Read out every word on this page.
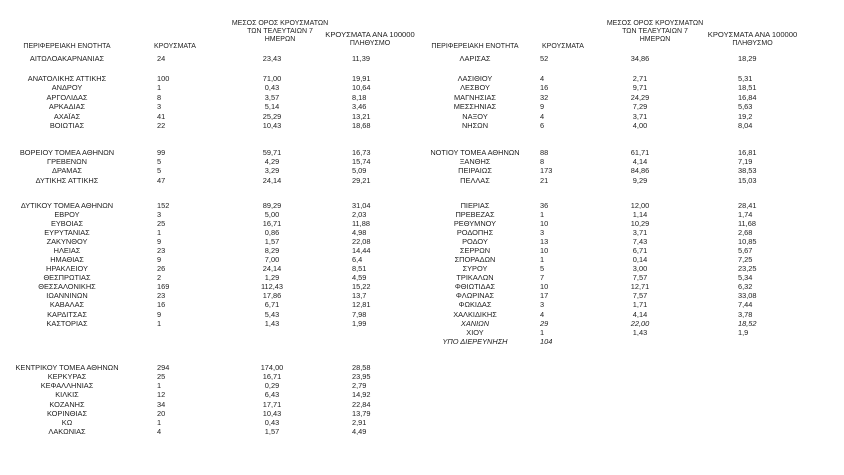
ΠΕΡΙΦΕΡΕΙΑΚΗ ΕΝΟΤΗΤΑ	ΚΡΟΥΣΜΑΤΑ
ΜΕΣΟΣ ΟΡΟΣ ΚΡΟΥΣΜΑΤΩΝ
ΤΩΝ ΤΕΛΕΥΤΑΙΩΝ 7
ΗΜΕΡΩΝ
ΚΡΟΥΣΜΑΤΑ ΑΝΑ 100000
ΠΛΗΘΥΣΜΟ	ΠΕΡΙΦΕΡΕΙΑΚΗ ΕΝΟΤΗΤΑ	ΚΡΟΥΣΜΑΤΑ
ΜΕΣΟΣ ΟΡΟΣ ΚΡΟΥΣΜΑΤΩΝ
ΤΩΝ ΤΕΛΕΥΤΑΙΩΝ 7
ΗΜΕΡΩΝ
ΚΡΟΥΣΜΑΤΑ ΑΝΑ 100000
ΠΛΗΘΥΣΜΟ
ΑΙΤΩΛΟΑΚΑΡΝΑΝΙΑΣ	24	23,43	11,39
ΑΝΑΤΟΛΙΚΗΣ ΑΤΤΙΚΗΣ	100	71,00	19,91
ΑΝΔΡΟΥ	1	0,43	10,64
ΑΡΓΟΛΙΔΑΣ	8	3,57	8,18
ΑΡΚΑΔΙΑΣ	3	5,14	3,46
ΑΧΑΪΑΣ	41	25,29	13,21
ΒΟΙΩΤΙΑΣ	22	10,43	18,68
ΒΟΡΕΙΟΥ ΤΟΜΕΑ ΑΘΗΝΩΝ	99	59,71	16,73
ΓΡΕΒΕΝΩΝ	5	4,29	15,74
ΔΡΑΜΑΣ	5	3,29	5,09
ΔΥΤΙΚΗΣ ΑΤΤΙΚΗΣ	47	24,14	29,21
ΔΥΤΙΚΟΥ ΤΟΜΕΑ ΑΘΗΝΩΝ	152	89,29	31,04
ΕΒΡΟΥ	3	5,00	2,03
ΕΥΒΟΙΑΣ	25	16,71	11,88
ΕΥΡΥΤΑΝΙΑΣ	1	0,86	4,98
ΖΑΚΥΝΘΟΥ	9	1,57	22,08
ΗΛΕΙΑΣ	23	8,29	14,44
ΗΜΑΘΙΑΣ	9	7,00	6,4
ΗΡΑΚΛΕΙΟΥ	26	24,14	8,51
ΘΕΣΠΡΩΤΙΑΣ	2	1,29	4,59
ΘΕΣΣΑΛΟΝΙΚΗΣ	169	112,43	15,22
ΙΩΑΝΝΙΝΩΝ	23	17,86	13,7
ΚΑΒΑΛΑΣ	16	6,71	12,81
ΚΑΡΔΙΤΣΑΣ	9	5,43	7,98
ΚΑΣΤΟΡΙΑΣ	1	1,43	1,99
ΚΕΝΤΡΙΚΟΥ ΤΟΜΕΑ ΑΘΗΝΩΝ	294	174,00	28,58
ΚΕΡΚΥΡΑΣ	25	16,71	23,95
ΚΕΦΑΛΛΗΝΙΑΣ	1	0,29	2,79
ΚΙΛΚΙΣ	12	6,43	14,92
ΚΟΖΑΝΗΣ	34	17,71	22,84
ΚΟΡΙΝΘΙΑΣ	20	10,43	13,79
ΚΩ	1	0,43	2,91
ΛΑΚΩΝΙΑΣ	4	1,57	4,49
ΛΑΡΙΣΑΣ	52	34,86	18,29
ΛΑΣΙΘΙΟΥ	4	2,71	5,31
ΛΕΣΒΟΥ	16	9,71	18,51
ΜΑΓΝΗΣΙΑΣ	32	24,29	16,84
ΜΕΣΣΗΝΙΑΣ	9	7,29	5,63
ΝΑΞΟΥ	4	3,71	19,2
ΝΗΣΩΝ	6	4,00	8,04
ΝΟΤΙΟΥ ΤΟΜΕΑ ΑΘΗΝΩΝ	88	61,71	16,81
ΞΑΝΘΗΣ	8	4,14	7,19
ΠΕΙΡΑΙΩΣ	173	84,86	38,53
ΠΕΛΛΑΣ	21	9,29	15,03
ΠΙΕΡΙΑΣ	36	12,00	28,41
ΠΡΕΒΕΖΑΣ	1	1,14	1,74
ΡΕΘΥΜΝΟΥ	10	10,29	11,68
ΡΟΔΟΠΗΣ	3	3,71	2,68
ΡΟΔΟΥ	13	7,43	10,85
ΣΕΡΡΩΝ	10	6,71	5,67
ΣΠΟΡΑΔΩΝ	1	0,14	7,25
ΣΥΡΟΥ	5	3,00	23,25
ΤΡΙΚΑΛΩΝ	7	7,57	5,34
ΦΘΙΩΤΙΔΑΣ	10	12,71	6,32
ΦΛΩΡΙΝΑΣ	17	7,57	33,08
ΦΩΚΙΔΑΣ	3	1,71	7,44
ΧΑΛΚΙΔΙΚΗΣ	4	4,14	3,78
ΧΑΝΙΩΝ	29	22,00	18,52
ΧΙΟΥ	1	1,43	1,9
ΥΠΟ ΔΙΕΡΕΥΝΗΣΗ	104
